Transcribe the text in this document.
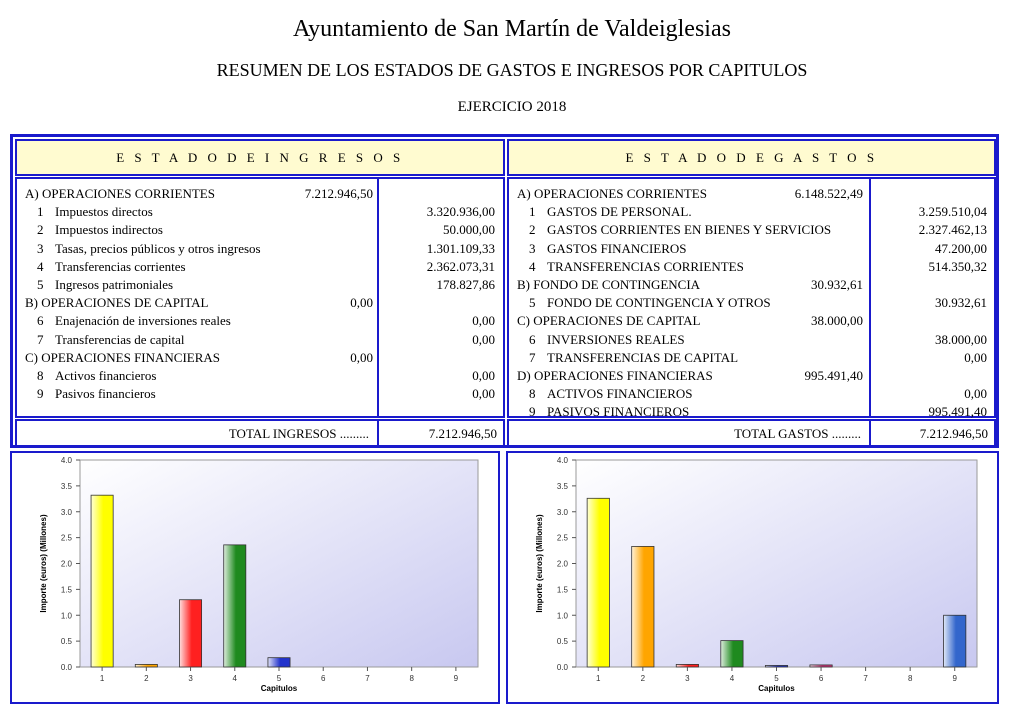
Ayuntamiento de San Martín de Valdeiglesias
RESUMEN DE LOS ESTADOS DE GASTOS E INGRESOS POR CAPITULOS
EJERCICIO 2018
E S T A D O D E I N G R E S O S	E S T A D O D E G A S T O S
A) OPERACIONES CORRIENTES	7.212.946,50
1 Impuestos directos	3.320.936,00
2 Impuestos indirectos	50.000,00
3 Tasas, precios públicos y otros ingresos	1.301.109,33
4 Transferencias corrientes	2.362.073,31
5 Ingresos patrimoniales	178.827,86
B) OPERACIONES DE CAPITAL	0,00
6 Enajenación de inversiones reales	0,00
7 Transferencias de capital	0,00
C) OPERACIONES FINANCIERAS	0,00
8 Activos financieros	0,00
9 Pasivos financieros	0,00
A) OPERACIONES CORRIENTES	6.148.522,49
1 GASTOS DE PERSONAL.	3.259.510,04
2 GASTOS CORRIENTES EN BIENES Y SERVICIOS	2.327.462,13
3 GASTOS FINANCIEROS	47.200,00
4 TRANSFERENCIAS CORRIENTES	514.350,32
B) FONDO DE CONTINGENCIA	30.932,61
5 FONDO DE CONTINGENCIA Y OTROS	30.932,61
C) OPERACIONES DE CAPITAL	38.000,00
6 INVERSIONES REALES	38.000,00
7 TRANSFERENCIAS DE CAPITAL	0,00
D) OPERACIONES FINANCIERAS	995.491,40
8 ACTIVOS FINANCIEROS	0,00
9 PASIVOS FINANCIEROS	995.491,40
TOTAL INGRESOS .........	7.212.946,50	TOTAL GASTOS .........	7.212.946,50
0.0
0.5
1.0
1.5
2.0
2.5
3.0
3.5
4.0
Importe (euros) (Millones)
1	2	3	4	5	6	7	8	9
Capitulos
0.0
0.5
1.0
1.5
2.0
2.5
3.0
3.5
4.0
Importe (euros) (Millones)
1	2	3	4	5	6	7	8	9
Capitulos
